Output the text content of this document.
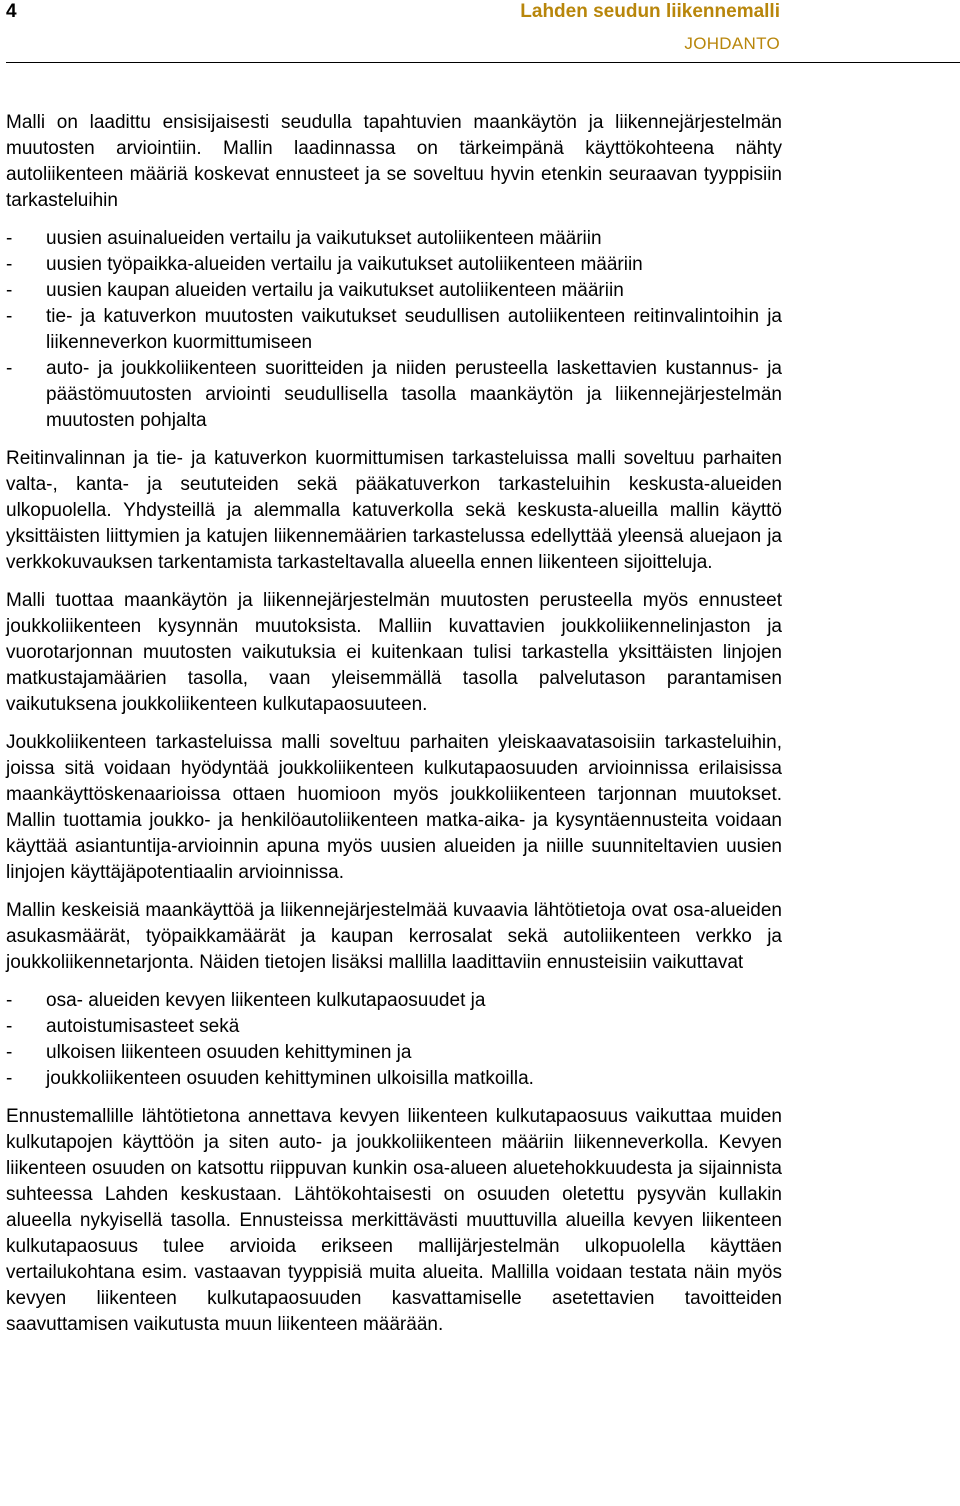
4	Lahden seudun liikennemalli
JOHDANTO

Malli on laadittu ensisijaisesti seudulla tapahtuvien maankäytön ja liikennejärjestelmän muutosten arviointiin. Mallin laadinnassa on tärkeimpänä käyttökohteena nähty autoliikenteen määriä koskevat ennusteet ja se soveltuu hyvin etenkin seuraavan tyyppisiin tarkasteluihin

- uusien asuinalueiden vertailu ja vaikutukset autoliikenteen määriin
- uusien työpaikka-alueiden vertailu ja vaikutukset autoliikenteen määriin
- uusien kaupan alueiden vertailu ja vaikutukset autoliikenteen määriin
- tie- ja katuverkon muutosten vaikutukset seudullisen autoliikenteen reitinvalintoihin ja liikenneverkon kuormittumiseen
- auto- ja joukkoliikenteen suoritteiden ja niiden perusteella laskettavien kustannus- ja päästömuutosten arviointi seudullisella tasolla maankäytön ja liikennejärjestelmän muutosten pohjalta

Reitinvalinnan ja tie- ja katuverkon kuormittumisen tarkasteluissa malli soveltuu parhaiten valta-, kanta- ja seututeiden sekä pääkatuverkon tarkasteluihin keskusta-alueiden ulkopuolella. Yhdysteillä ja alemmalla katuverkolla sekä keskusta-alueilla mallin käyttö yksittäisten liittymien ja katujen liikennemäärien tarkastelussa edellyttää yleensä aluejaon ja verkkokuvauksen tarkentamista tarkasteltavalla alueella ennen liikenteen sijoitteluja.

Malli tuottaa maankäytön ja liikennejärjestelmän muutosten perusteella myös ennusteet joukkoliikenteen kysynnän muutoksista. Malliin kuvattavien joukkoliikennelinjaston ja vuorotarjonnan muutosten vaikutuksia ei kuitenkaan tulisi tarkastella yksittäisten linjojen matkustajamäärien tasolla, vaan yleisemmällä tasolla palvelutason parantamisen vaikutuksena joukkoliikenteen kulkutapaosuuteen.

Joukkoliikenteen tarkasteluissa malli soveltuu parhaiten yleiskaavatasoisiin tarkasteluihin, joissa sitä voidaan hyödyntää joukkoliikenteen kulkutapaosuuden arvioinnissa erilaisissa maankäyttöskenaarioissa ottaen huomioon myös joukkoliikenteen tarjonnan muutokset. Mallin tuottamia joukko- ja henkilöautoliikenteen matka-aika- ja kysyntäennusteita voidaan käyttää asiantuntija-arvioinnin apuna myös uusien alueiden ja niille suunniteltavien uusien linjojen käyttäjäpotentiaalin arvioinnissa.

Mallin keskeisiä maankäyttöä ja liikennejärjestelmää kuvaavia lähtötietoja ovat osa-alueiden asukasmäärät, työpaikkamäärät ja kaupan kerrosalat sekä autoliikenteen verkko ja joukkoliikennetarjonta. Näiden tietojen lisäksi mallilla laadittaviin ennusteisiin vaikuttavat

- osa- alueiden kevyen liikenteen kulkutapaosuudet ja
- autoistumisasteet sekä
- ulkoisen liikenteen osuuden kehittyminen ja
- joukkoliikenteen osuuden kehittyminen ulkoisilla matkoilla.

Ennustemallille lähtötietona annettava kevyen liikenteen kulkutapaosuus vaikuttaa muiden kulkutapojen käyttöön ja siten auto- ja joukkoliikenteen määriin liikenneverkolla. Kevyen liikenteen osuuden on katsottu riippuvan kunkin osa-alueen aluetehokkuudesta ja sijainnista suhteessa Lahden keskustaan. Lähtökohtaisesti on osuuden oletettu pysyvän kullakin alueella nykyisellä tasolla. Ennusteissa merkittävästi muuttuvilla alueilla kevyen liikenteen kulkutapaosuus tulee arvioida erikseen mallijärjestelmän ulkopuolella käyttäen vertailukohtana esim. vastaavan tyyppisiä muita alueita. Mallilla voidaan testata näin myös kevyen liikenteen kulkutapaosuuden kasvattamiselle asetettavien tavoitteiden saavuttamisen vaikutusta muun liikenteen määrään.
